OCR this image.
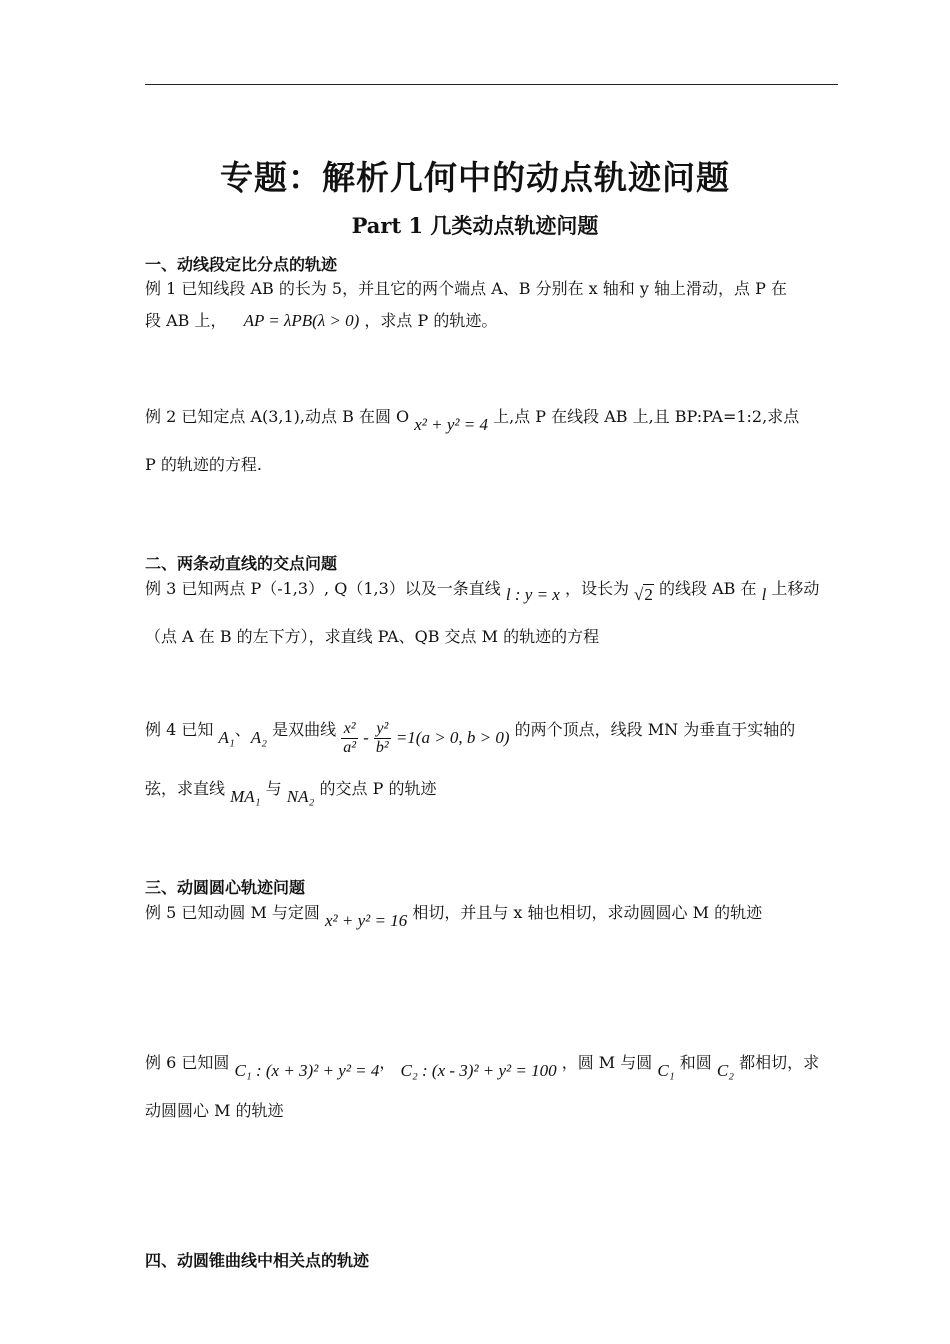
专题：解析几何中的动点轨迹问题
Part 1 几类动点轨迹问题
一、动线段定比分点的轨迹
例 1 已知线段 AB 的长为 5，并且它的两个端点 A、B 分别在 x 轴和 y 轴上滑动，点 P 在
段 AB 上， AP = λPB(λ > 0) ，求点 P 的轨迹。
例 2 已知定点 A(3,1),动点 B 在圆 O x² + y² = 4 上,点 P 在线段 AB 上,且 BP:PA=1:2,求点
P 的轨迹的方程.
二、两条动直线的交点问题
例 3 已知两点 P（-1,3）, Q（1,3）以及一条直线 l : y = x ，设长为 √2 的线段 AB 在 l 上移动
（点 A 在 B 的左下方），求直线 PA、QB 交点 M 的轨迹的方程
例 4 已知 A₁、A₂ 是双曲线 $\frac{\text{x²}}{\text{a²}} - \frac{\text{y²}}{\text{b²}} =1(a > 0$, b > 0) 的两个顶点，线段 MN 为垂直于实轴的
弦，求直线 MA₁ 与 NA₂ 的交点 P 的轨迹
三、动圆圆心轨迹问题
例 5 已知动圆 M 与定圆 x² + y² = 16 相切，并且与 x 轴也相切，求动圆圆心 M 的轨迹
例 6 已知圆 C₁ : (x + 3)² + y² = 4， C₂ : (x - 3)² + y² = 100 ，圆 M 与圆 C₁ 和圆 C₂ 都相切，求
动圆圆心 M 的轨迹
四、动圆锥曲线中相关点的轨迹
